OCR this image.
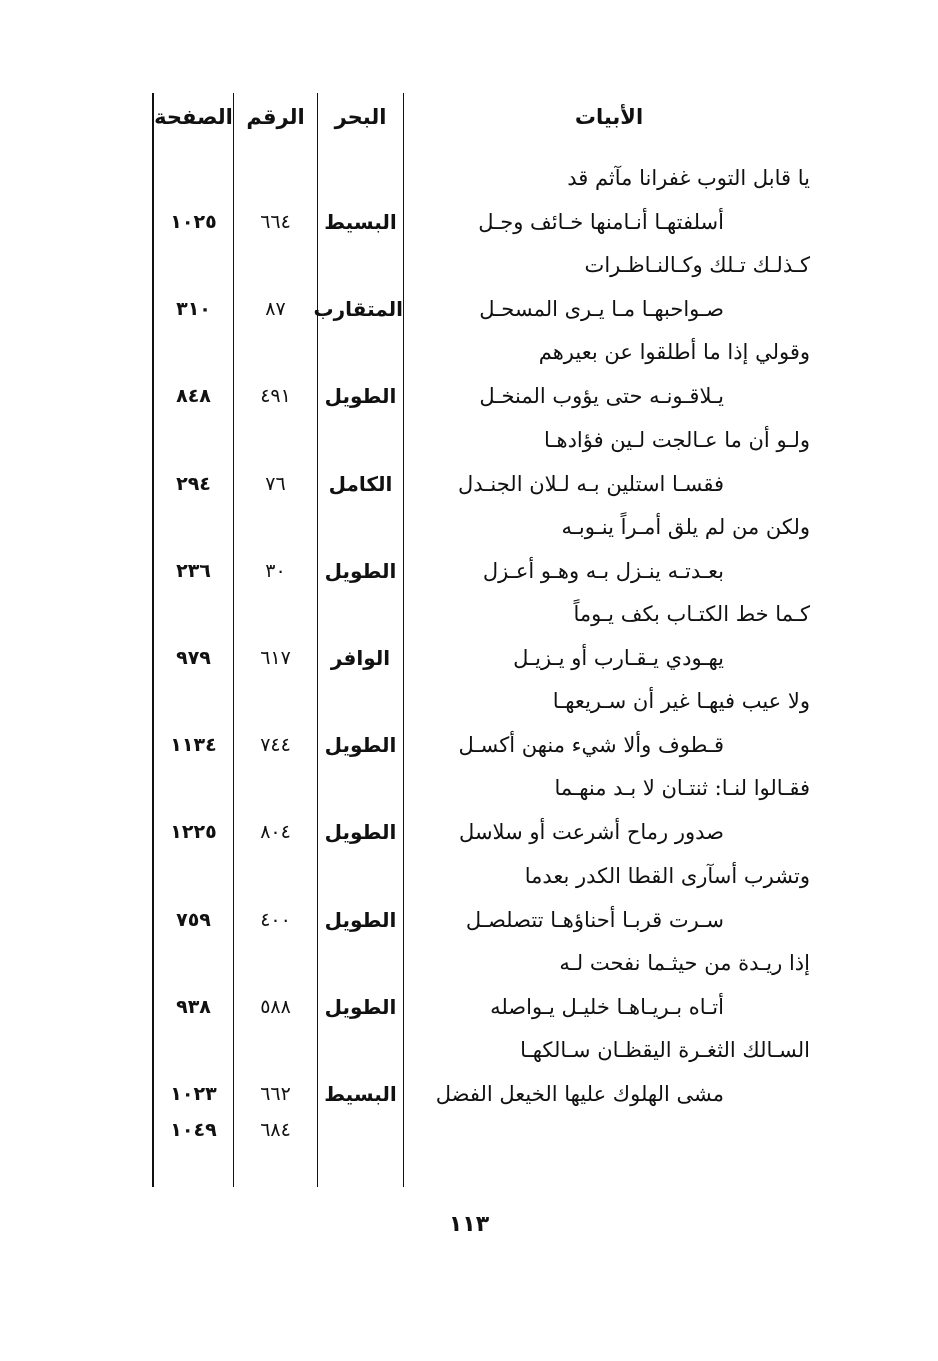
الأبيات
البحر
الرقم
الصفحة
يا قابل التوب غفرانا مآثم قد
أسلفتهـا أنـامنها خـائف وجـل
البسيط
٦٦٤
١٠٢٥
كـذلـك تـلك وكـالنـاظـرات
صـواحبهـا مـا يـرى المسحـل
المتقارب
٨٧
٣١٠
وقولي إذا ما أطلقوا عن بعيرهم
يـلاقـونـه حتى يؤوب المنخـل
الطويل
٤٩١
٨٤٨
ولـو أن ما عـالجت لـين فؤادهـا
فقسـا استلين بـه لـلان الجنـدل
الكامل
٧٦
٢٩٤
ولكن من لم يلق أمـراً ينـوبـه
بعـدتـه ينـزل بـه وهـو أعـزل
الطويل
٣٠
٢٣٦
كـما خط الكتـاب بكف يـوماً
يهـودي يـقـارب أو يـزيـل
الوافر
٦١٧
٩٧٩
ولا عيب فيهـا غير أن سـريعهـا
قـطوف وألا شيء منهن أكسـل
الطويل
٧٤٤
١١٣٤
فقـالوا لنـا: ثنتـان لا بـد منهـما
صدور رماح أشرعت أو سلاسل
الطويل
٨٠٤
١٢٢٥
وتشرب أسآرى القطا الكدر بعدما
سـرت قربـا أحناؤهـا تتصلصـل
الطويل
٤٠٠
٧٥٩
إذا ريـدة من حيثـما نفحت لـه
أتـاه بـريـاهـا خليـل يـواصله
الطويل
٥٨٨
٩٣٨
السـالك الثغـرة اليقظـان سـالكهـا
مشى الهلوك عليها الخيعل الفضل
البسيط
٦٦٢
١٠٢٣
٦٨٤
١٠٤٩
١١٣
